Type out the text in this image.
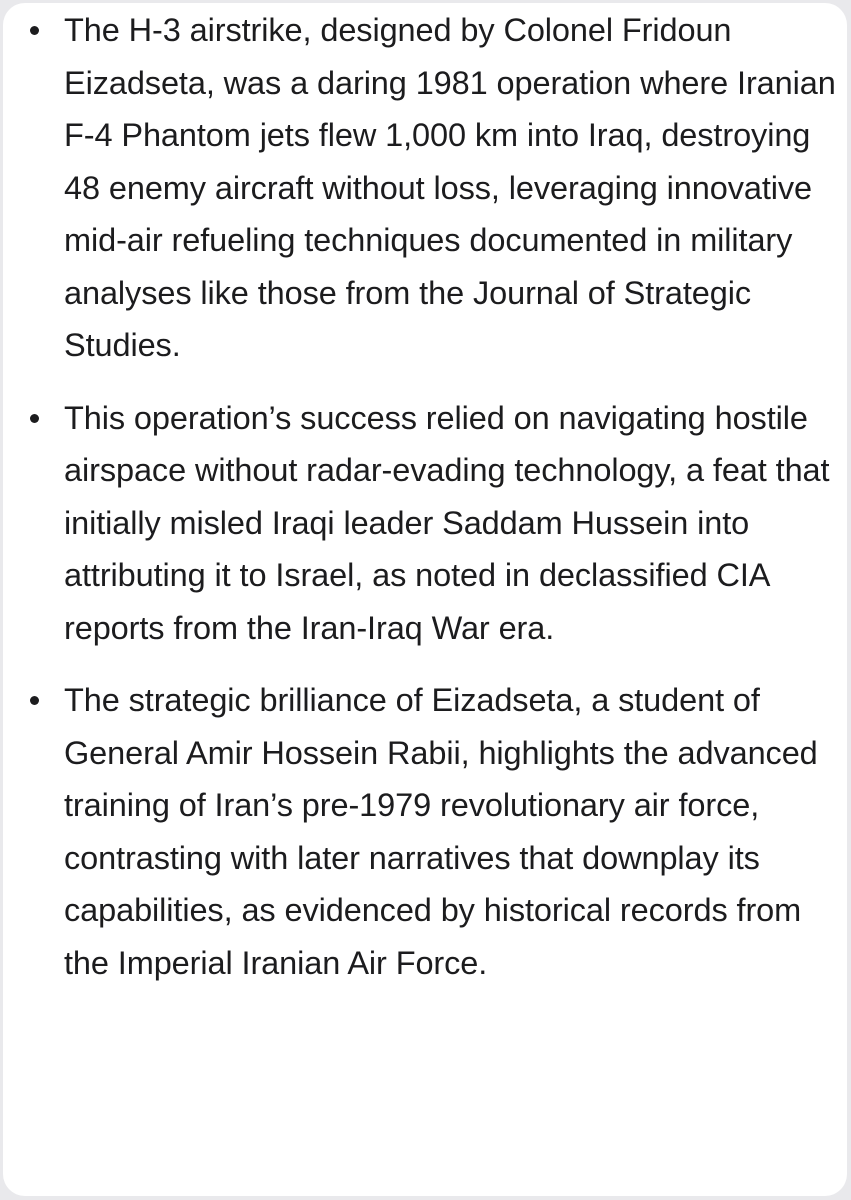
The H-3 airstrike, designed by Colonel Fridoun Eizadseta, was a daring 1981 operation where Iranian F-4 Phantom jets flew 1,000 km into Iraq, destroying 48 enemy aircraft without loss, leveraging innovative mid-air refueling techniques documented in military analyses like those from the Journal of Strategic Studies.

This operation’s success relied on navigating hostile airspace without radar-evading technology, a feat that initially misled Iraqi leader Saddam Hussein into attributing it to Israel, as noted in declassified CIA reports from the Iran-Iraq War era.

The strategic brilliance of Eizadseta, a student of General Amir Hossein Rabii, highlights the advanced training of Iran’s pre-1979 revolutionary air force, contrasting with later narratives that downplay its capabilities, as evidenced by historical records from the Imperial Iranian Air Force.
